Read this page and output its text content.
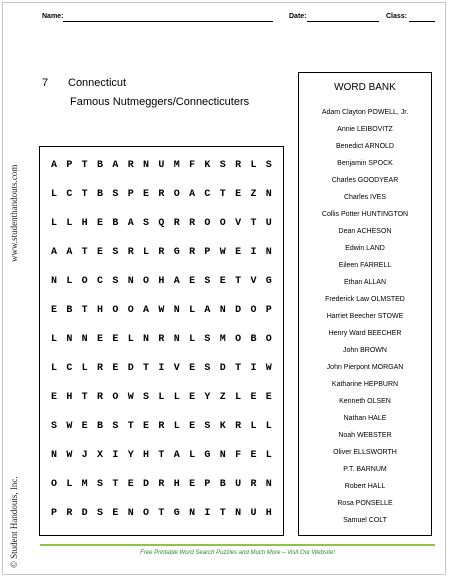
Name:	Date:	Class:
www.studenthandouts.com
© Student Handouts, Inc.
7 Connecticut
Famous Nutmeggers/Connecticuters
A P T B A R N U M F K S R L S
L C T B S P E R O A C T E Z N
L L H E B A S Q R R O O V T U
A A T E S R L R G R P W E I N
N L O C S N O H A E S E T V G
E B T H O O A W N L A N D O P
L N N E E L N R N L S M O B O
L C L R E D T I V E S D T I W
E H T R O W S L L E Y Z L E E
S W E B S T E R L E S K R L L
N W J X I Y H T A L G N F E L
O L M S T E D R H E P B U R N
P R D S E N O T G N I T N U H
WORD BANK
Adam Clayton POWELL, Jr.
Annie LEIBOVITZ
Benedict ARNOLD
Benjamin SPOCK
Charles GOODYEAR
Charles IVES
Collis Potter HUNTINGTON
Dean ACHESON
Edwin LAND
Eileen FARRELL
Ethan ALLAN
Frederick Law OLMSTED
Harriet Beecher STOWE
Henry Ward BEECHER
John BROWN
John Pierpont MORGAN
Katharine HEPBURN
Kenneth OLSEN
Nathan HALE
Noah WEBSTER
Oliver ELLSWORTH
P.T. BARNUM
Robert HALL
Rosa PONSELLE
Samuel COLT
Free Printable Word Search Puzzles and Much More – Visit Our Website!
